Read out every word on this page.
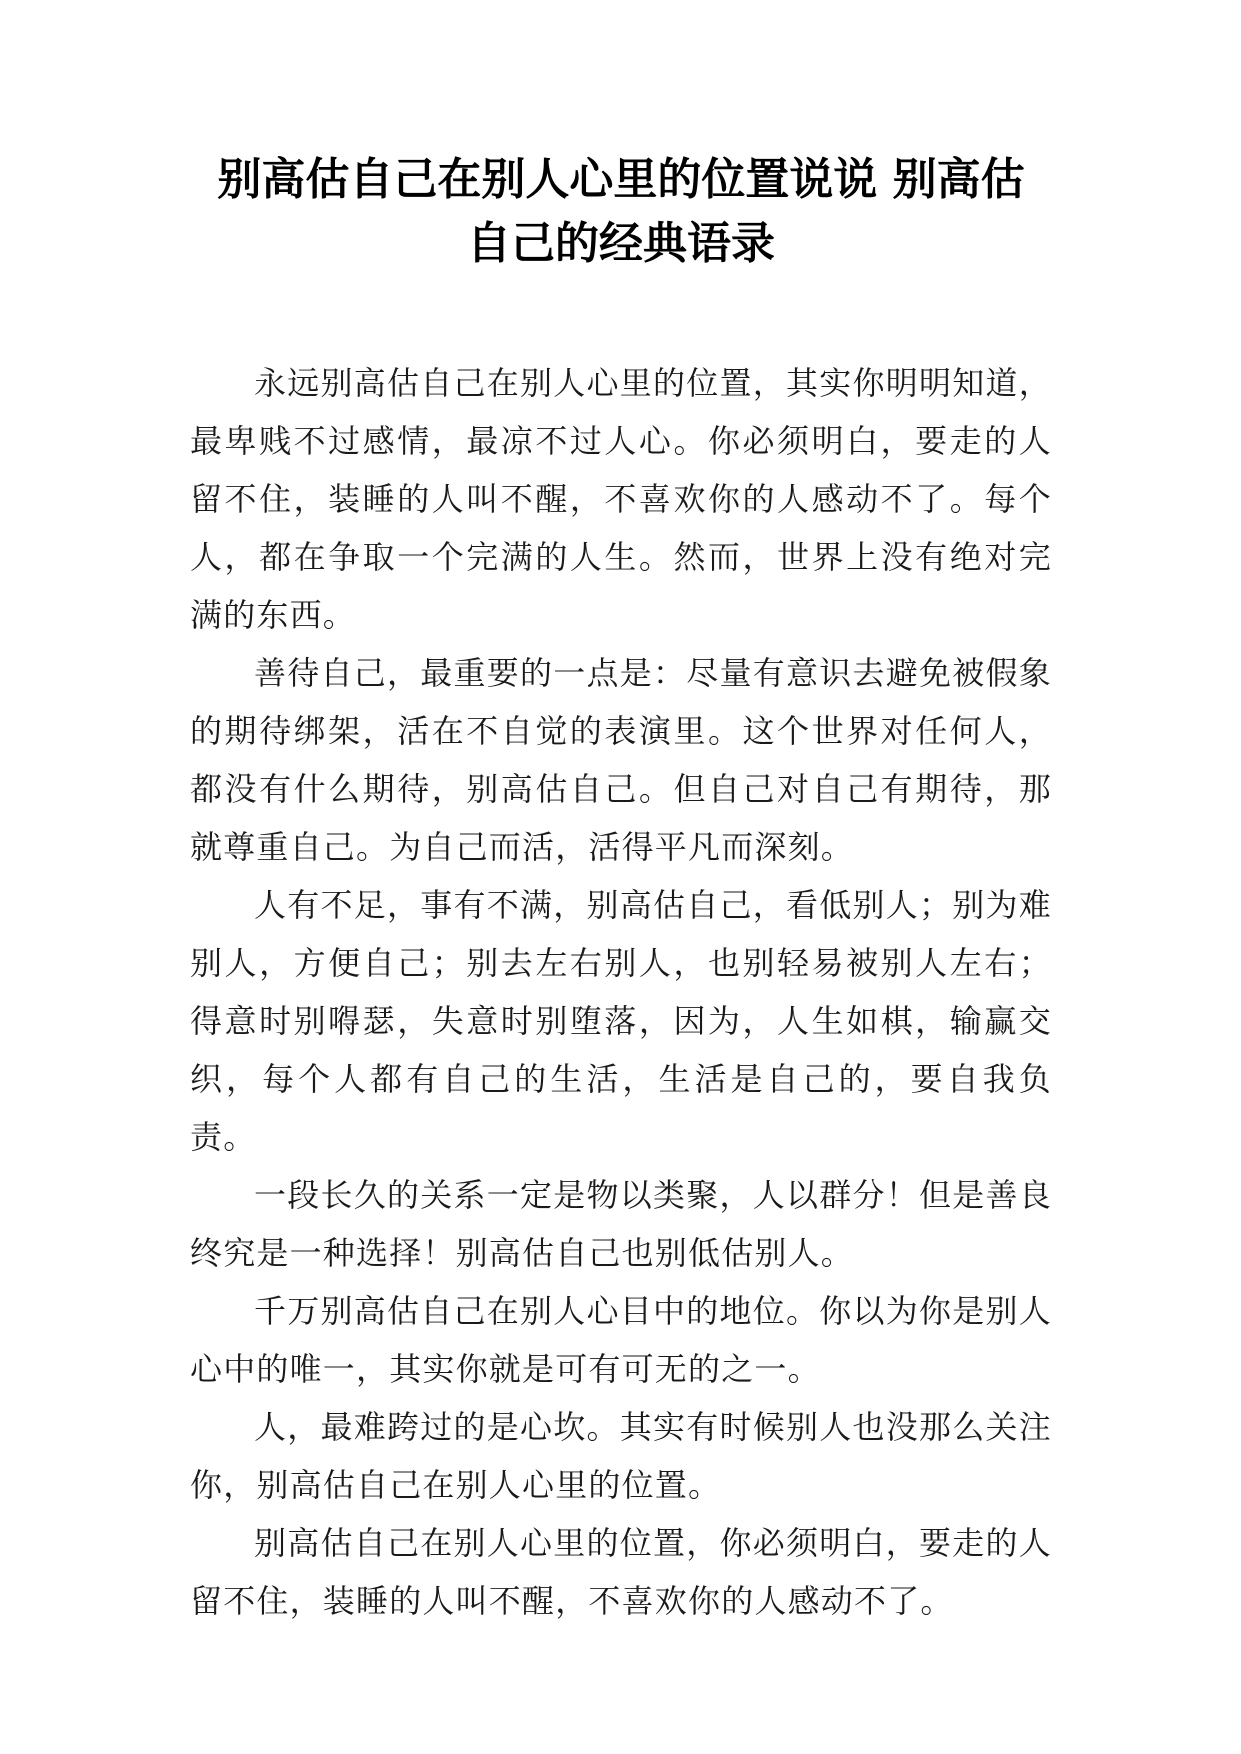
别高估自己在别人心里的位置说说 别高估
自己的经典语录

永远别高估自己在别人心里的位置，其实你明明知道，最卑贱不过感情，最凉不过人心。你必须明白，要走的人留不住，装睡的人叫不醒，不喜欢你的人感动不了。每个人，都在争取一个完满的人生。然而，世界上没有绝对完满的东西。

善待自己，最重要的一点是：尽量有意识去避免被假象的期待绑架，活在不自觉的表演里。这个世界对任何人，都没有什么期待，别高估自己。但自己对自己有期待，那就尊重自己。为自己而活，活得平凡而深刻。

人有不足，事有不满，别高估自己，看低别人；别为难别人，方便自己；别去左右别人，也别轻易被别人左右；得意时别嘚瑟，失意时别堕落，因为，人生如棋，输赢交织，每个人都有自己的生活，生活是自己的，要自我负责。

一段长久的关系一定是物以类聚，人以群分！但是善良终究是一种选择！别高估自己也别低估别人。

千万别高估自己在别人心目中的地位。你以为你是别人心中的唯一，其实你就是可有可无的之一。

人，最难跨过的是心坎。其实有时候别人也没那么关注你，别高估自己在别人心里的位置。

别高估自己在别人心里的位置，你必须明白，要走的人留不住，装睡的人叫不醒，不喜欢你的人感动不了。
